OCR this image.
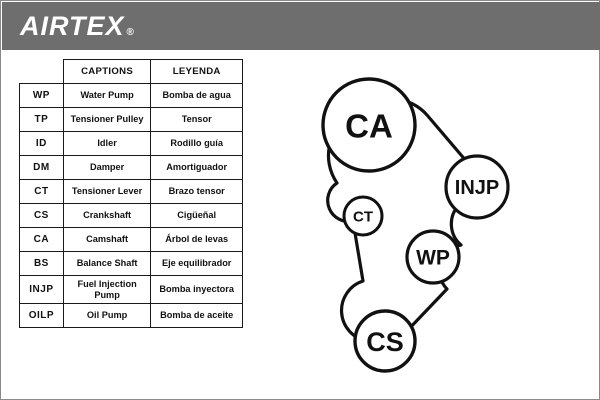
AIRTEX ®
	CAPTIONS	LEYENDA
WP	Water Pump	Bomba de agua
TP	Tensioner Pulley	Tensor
ID	Idler	Rodillo guía
DM	Damper	Amortiguador
CT	Tensioner Lever	Brazo tensor
CS	Crankshaft	Cigüeñal
CA	Camshaft	Árbol de levas
BS	Balance Shaft	Eje equilibrador
INJP	Fuel Injection Pump	Bomba inyectora
OILP	Oil Pump	Bomba de aceite
CA
INJP
CT
WP
CS
